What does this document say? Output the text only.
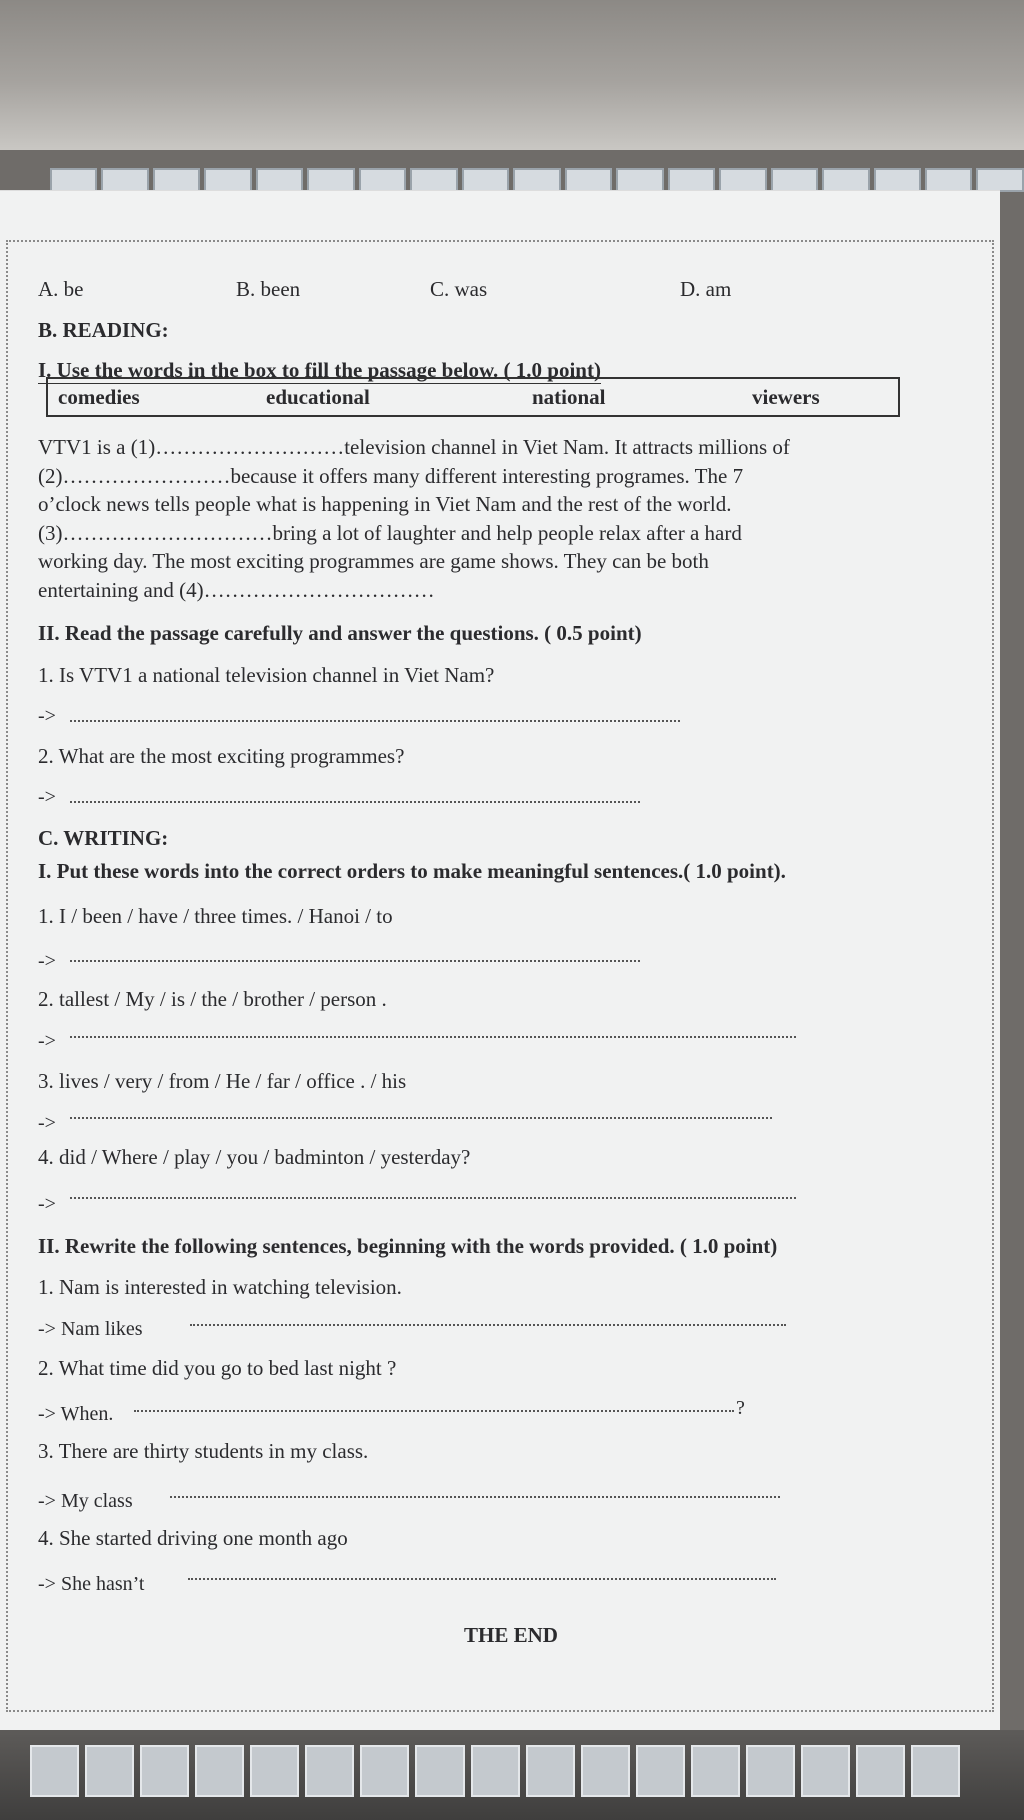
A. be	B. been	C. was	D. am
B. READING:
I. Use the words in the box to fill the passage below. ( 1.0 point)
comedies	educational	national	viewers

VTV1 is a (1)………………………television channel in Viet Nam. It attracts millions of

(2)……………………because it offers many different interesting programes. The 7

o’clock news tells people what is happening in Viet Nam and the rest of the world.

(3)…………………………bring a lot of laughter and help people relax after a hard

working day. The most exciting programmes are game shows. They can be both

entertaining and (4)……………………………

II. Read the passage carefully and answer the questions. ( 0.5 point)
1. Is VTV1 a national television channel in Viet Nam?
->
2. What are the most exciting programmes?
->
C. WRITING:
I. Put these words into the correct orders to make meaningful sentences.( 1.0 point).
1. I / been / have / three times. / Hanoi / to
->
2. tallest / My / is / the / brother / person .
->
3. lives / very / from / He / far / office . / his
->
4. did / Where / play / you / badminton / yesterday?
->
II. Rewrite the following sentences, beginning with the words provided. ( 1.0 point)
1. Nam is interested in watching television.
-> Nam likes
2. What time did you go to bed last night ?
-> When.	?
3. There are thirty students in my class.
-> My class
4. She started driving one month ago
-> She hasn’t
THE END
